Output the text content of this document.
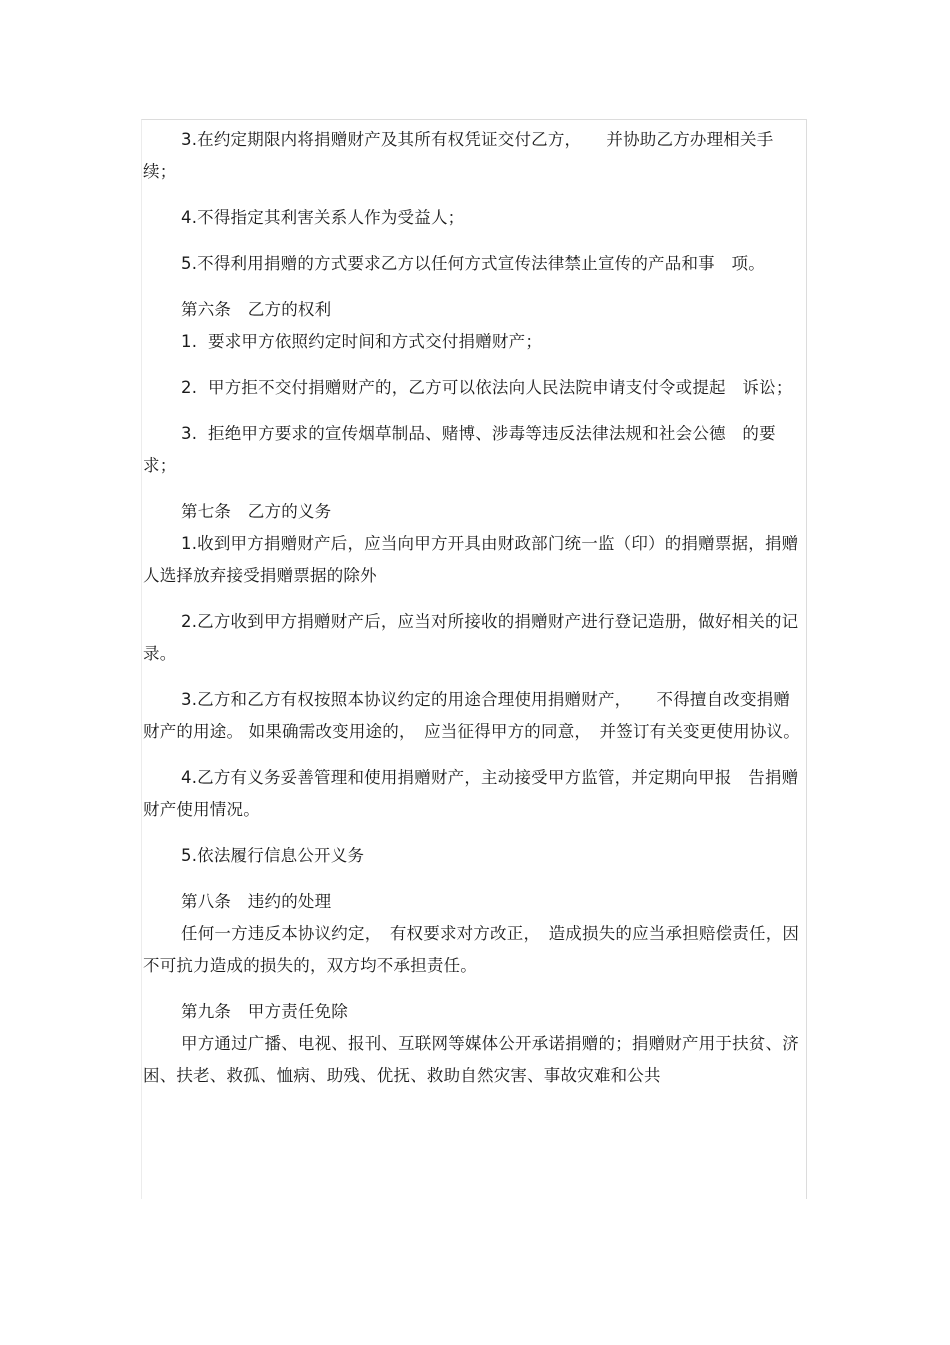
3.在约定期限内将捐赠财产及其所有权凭证交付乙方，　　并协助乙方办理相关手续；

4.不得指定其利害关系人作为受益人；

5.不得利用捐赠的方式要求乙方以任何方式宣传法律禁止宣传的产品和事　项。

第六条　乙方的权利

1.  要求甲方依照约定时间和方式交付捐赠财产；

2.  甲方拒不交付捐赠财产的，乙方可以依法向人民法院申请支付令或提起　诉讼；

3.  拒绝甲方要求的宣传烟草制品、赌博、涉毒等违反法律法规和社会公德　的要求；

第七条　乙方的义务

1.收到甲方捐赠财产后，应当向甲方开具由财政部门统一监（印）的捐赠票据，捐赠人选择放弃接受捐赠票据的除外

2.乙方收到甲方捐赠财产后，应当对所接收的捐赠财产进行登记造册，做好相关的记录。

3.乙方和乙方有权按照本协议约定的用途合理使用捐赠财产，　　不得擅自改变捐赠财产的用途。 如果确需改变用途的，　应当征得甲方的同意，　并签订有关变更使用协议。

4.乙方有义务妥善管理和使用捐赠财产，主动接受甲方监管，并定期向甲报　告捐赠财产使用情况。

5.依法履行信息公开义务

第八条　违约的处理

任何一方违反本协议约定，　有权要求对方改正，　造成损失的应当承担赔偿责任，因不可抗力造成的损失的，双方均不承担责任。

第九条　甲方责任免除

甲方通过广播、电视、报刊、互联网等媒体公开承诺捐赠的；捐赠财产用于扶贫、济困、扶老、救孤、恤病、助残、优抚、救助自然灾害、事故灾难和公共
